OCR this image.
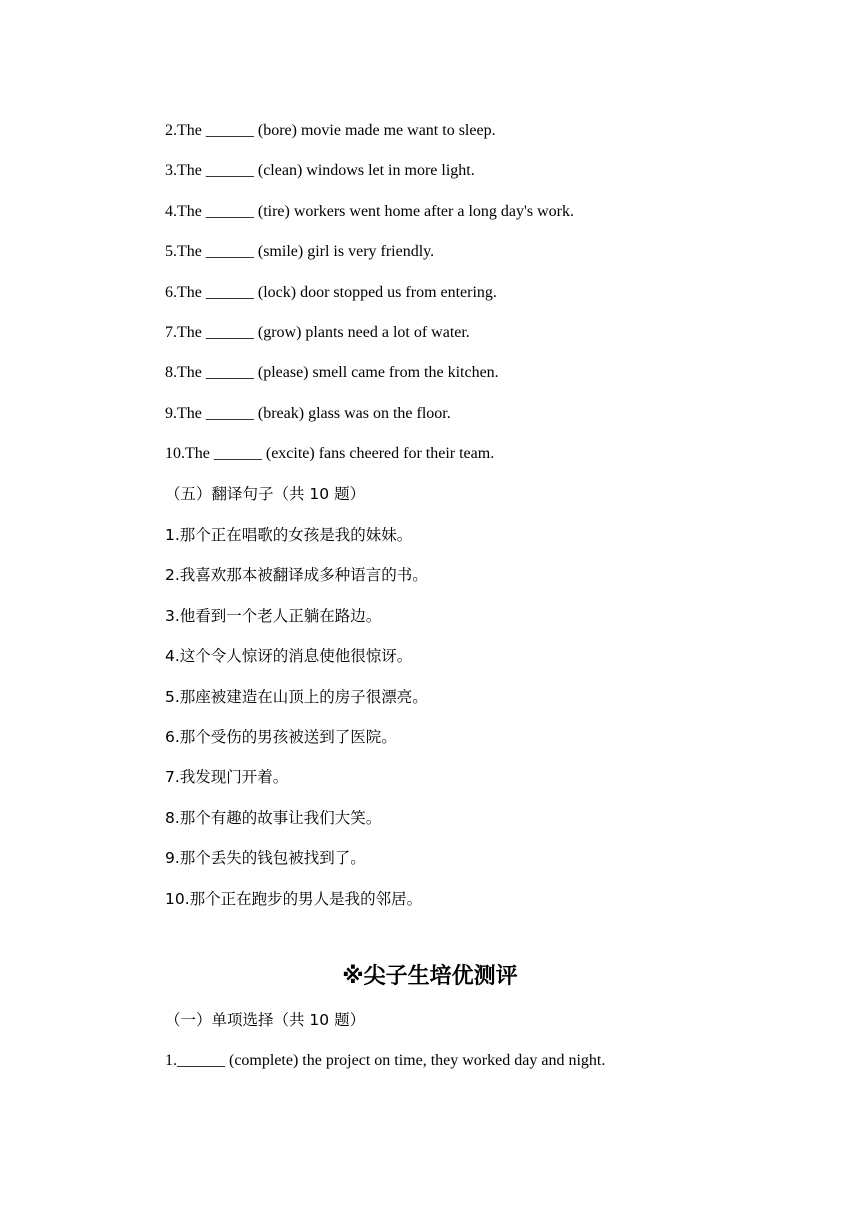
2.The ______ (bore) movie made me want to sleep.
3.The ______ (clean) windows let in more light.
4.The ______ (tire) workers went home after a long day's work.
5.The ______ (smile) girl is very friendly.
6.The ______ (lock) door stopped us from entering.
7.The ______ (grow) plants need a lot of water.
8.The ______ (please) smell came from the kitchen.
9.The ______ (break) glass was on the floor.
10.The ______ (excite) fans cheered for their team.
（五）翻译句子（共 10 题）
1.那个正在唱歌的女孩是我的妹妹。
2.我喜欢那本被翻译成多种语言的书。
3.他看到一个老人正躺在路边。
4.这个令人惊讶的消息使他很惊讶。
5.那座被建造在山顶上的房子很漂亮。
6.那个受伤的男孩被送到了医院。
7.我发现门开着。
8.那个有趣的故事让我们大笑。
9.那个丢失的钱包被找到了。
10.那个正在跑步的男人是我的邻居。
※尖子生培优测评
（一）单项选择（共 10 题）
1.______ (complete) the project on time, they worked day and night.
